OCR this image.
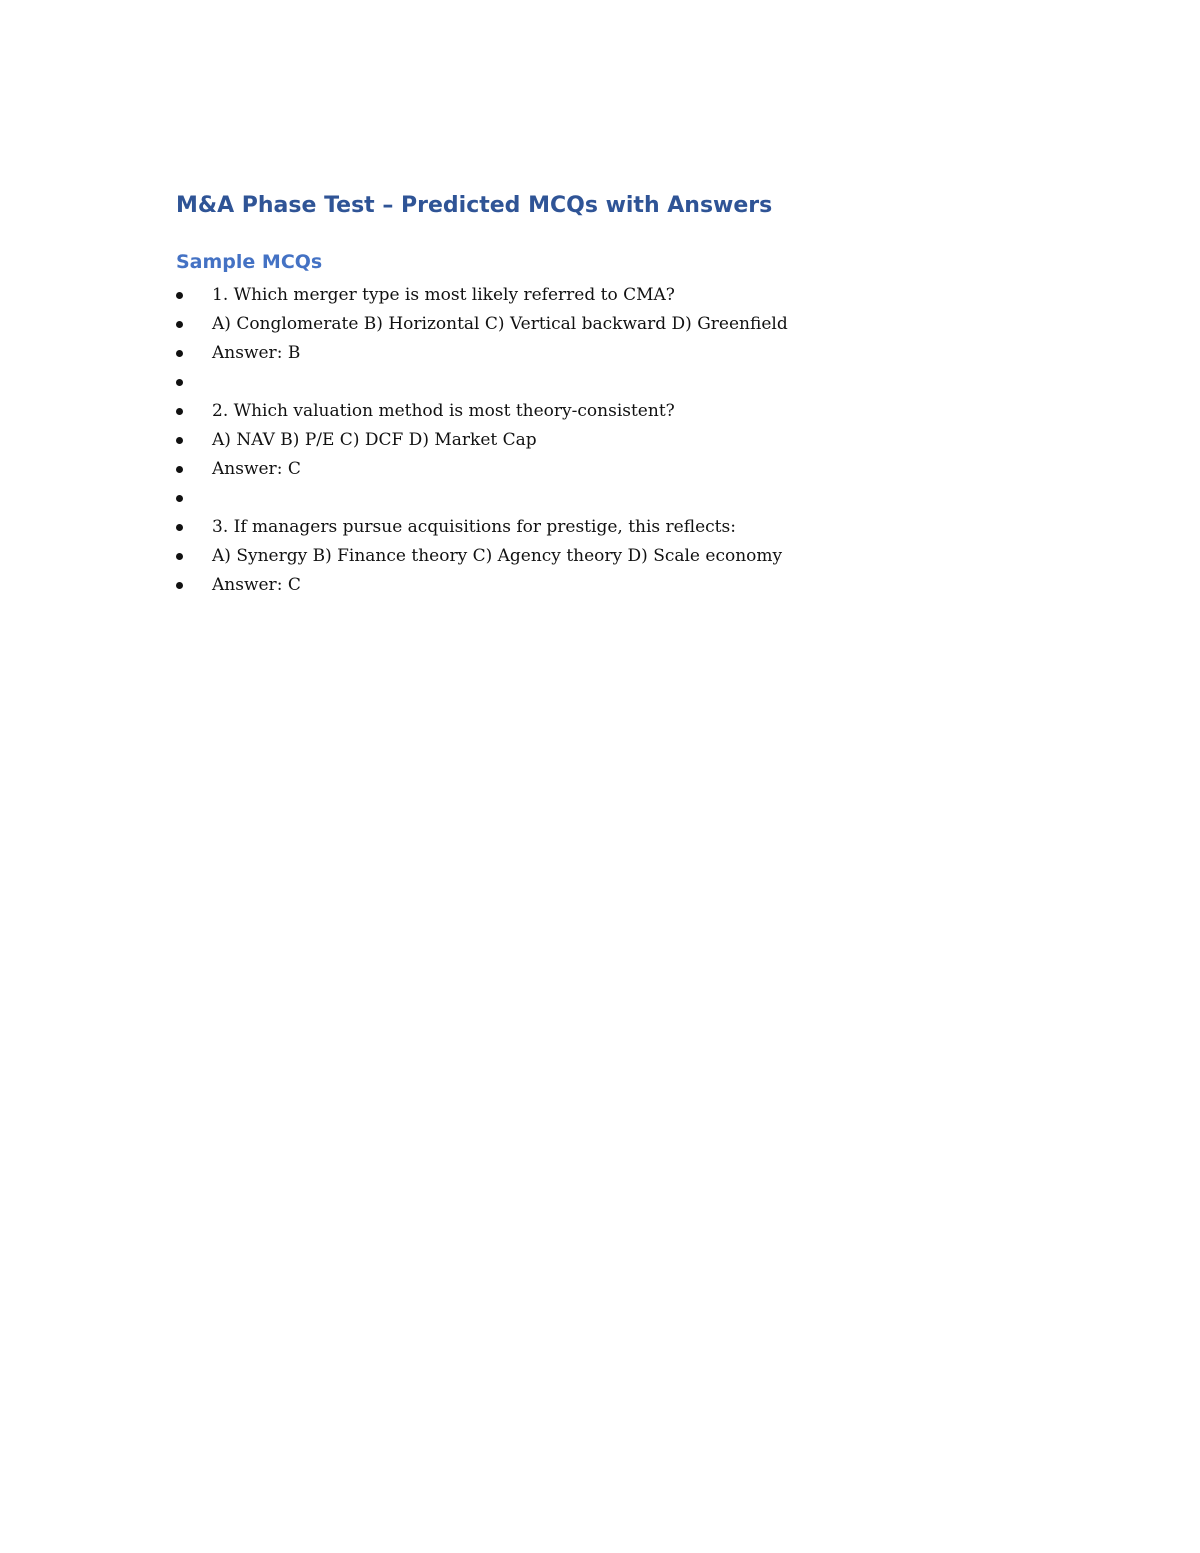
M&A Phase Test – Predicted MCQs with Answers
Sample MCQs
1. Which merger type is most likely referred to CMA?
A) Conglomerate B) Horizontal C) Vertical backward D) Greenfield
Answer: B
2. Which valuation method is most theory-consistent?
A) NAV B) P/E C) DCF D) Market Cap
Answer: C
3. If managers pursue acquisitions for prestige, this reflects:
A) Synergy B) Finance theory C) Agency theory D) Scale economy
Answer: C
